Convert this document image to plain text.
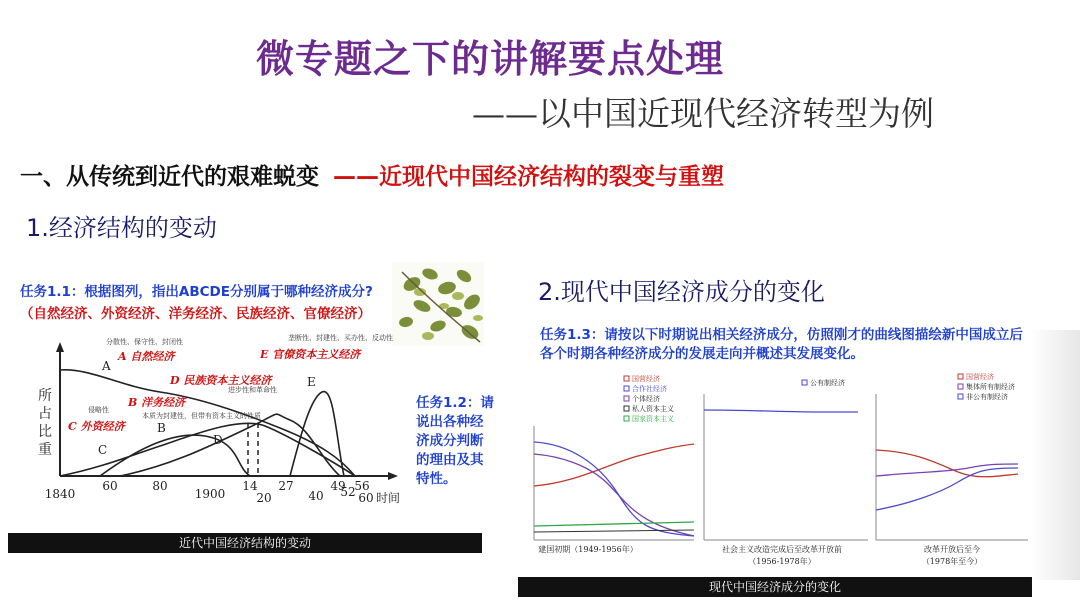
微专题之下的讲解要点处理
——以中国近现代经济转型为例
一、从传统到近代的艰难蜕变 ——近现代中国经济结构的裂变与重塑
1.经济结构的变动
2.现代中国经济成分的变化
任务1.1：根据图列，指出ABCDE分别属于哪种经济成分?
（自然经济、外资经济、洋务经济、民族经济、官僚经济）
任务1.2：请说出各种经济成分判断的理由及其特性。
任务1.3：请按以下时期说出相关经济成分，仿照刚才的曲线图描绘新中国成立后各个时期各种经济成分的发展走向并概述其发展变化。
所
占
比
重
A
B
C
D
E
分散性、保守性、封闭性	垄断性、封建性、买办性、反动性
进步性和革命性
侵略性
本质为封建性，但带有资本主义的性质
A 自然经济	E 官僚资本主义经济
D 民族资本主义经济
B 洋务经济
C 外资经济
1840
60	80
1900
14
20
27
40
49
52
56
60 时间
国营经济
合作社经济
个体经济
私人资本主义
国家资本主义
建国初期（1949-1956年）
公有制经济
社会主义改造完成后至改革开放前
（1956-1978年）
国营经济
集体所有制经济
非公有制经济
改革开放后至今
（1978年至今）
近代中国经济结构的变动
现代中国经济成分的变化
